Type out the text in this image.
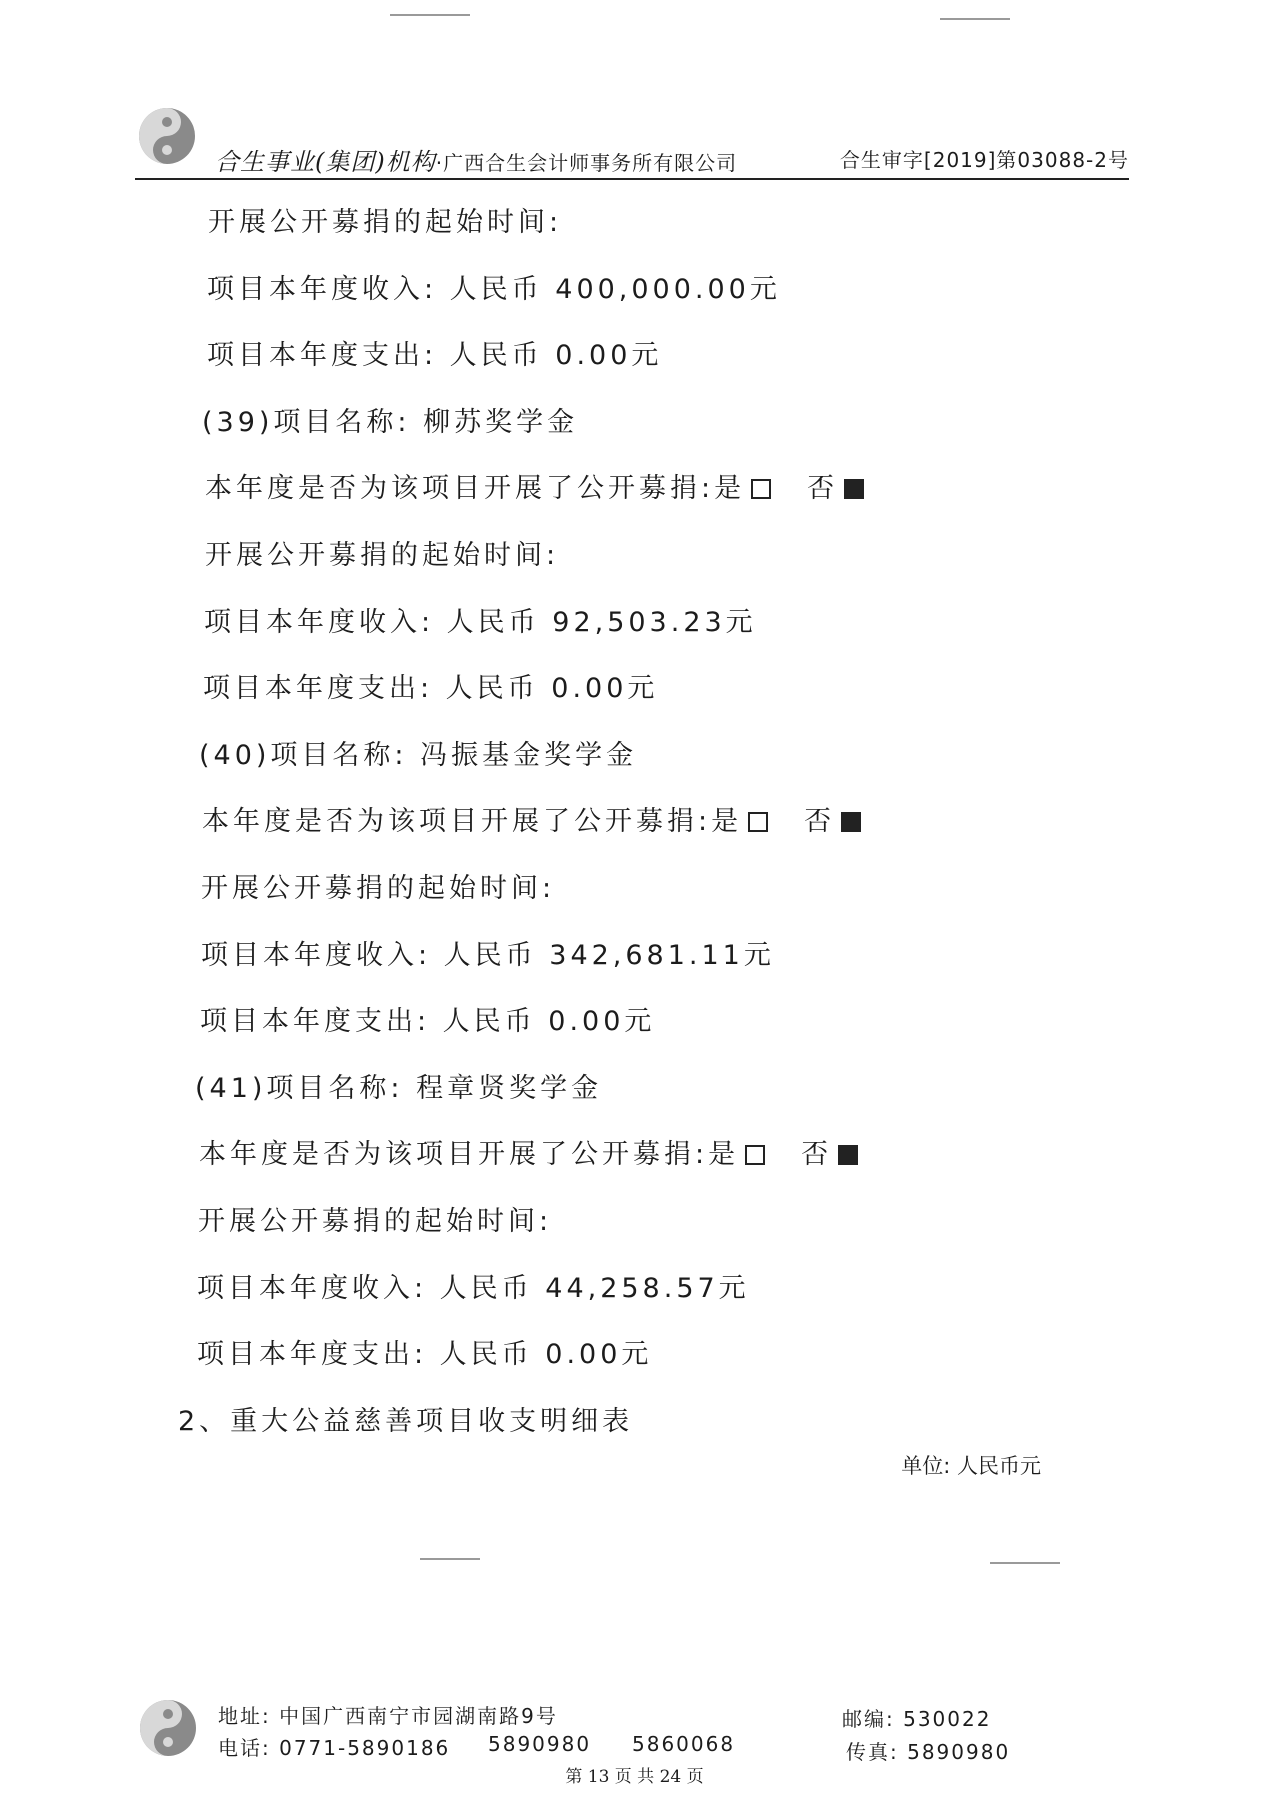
合生事业(集团)机构·广西合生会计师事务所有限公司	合生审字[2019]第03088-2号
开展公开募捐的起始时间:
项目本年度收入: 人民币 400,000.00元
项目本年度支出: 人民币 0.00元
(39)项目名称: 柳苏奖学金
本年度是否为该项目开展了公开募捐:是 否
开展公开募捐的起始时间:
项目本年度收入: 人民币 92,503.23元
项目本年度支出: 人民币 0.00元
(40)项目名称: 冯振基金奖学金
本年度是否为该项目开展了公开募捐:是 否
开展公开募捐的起始时间:
项目本年度收入: 人民币 342,681.11元
项目本年度支出: 人民币 0.00元
(41)项目名称: 程章贤奖学金
本年度是否为该项目开展了公开募捐:是 否
开展公开募捐的起始时间:
项目本年度收入: 人民币 44,258.57元
项目本年度支出: 人民币 0.00元
2、重大公益慈善项目收支明细表
单位: 人民币元
地址: 中国广西南宁市园湖南路9号	邮编: 530022
电话: 0771-5890186 5890980 5860068	传真: 5890980
第 13 页 共 24 页
